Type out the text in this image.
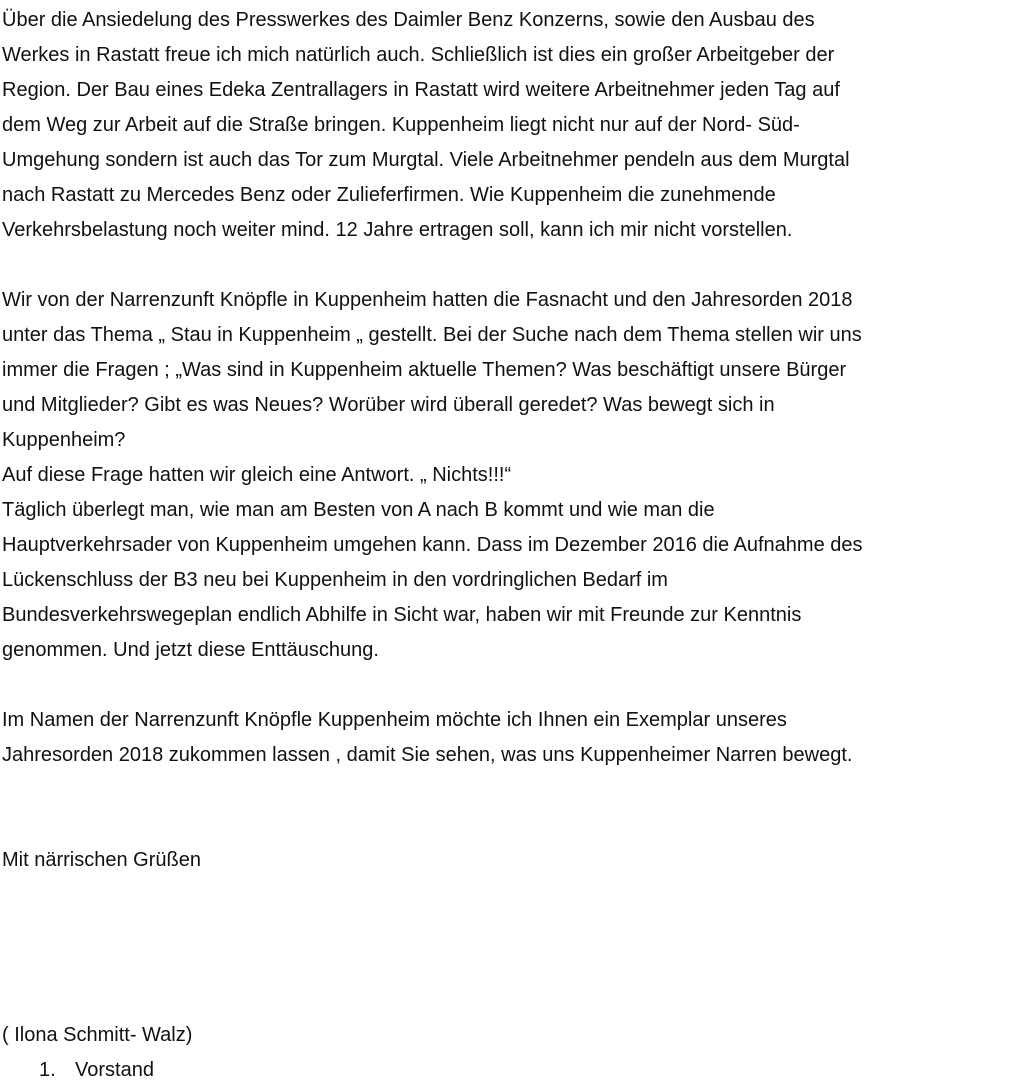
Über die Ansiedelung des Presswerkes des Daimler Benz Konzerns, sowie den Ausbau des
Werkes in Rastatt freue ich mich natürlich auch. Schließlich ist dies ein großer Arbeitgeber der
Region. Der Bau eines Edeka Zentrallagers in Rastatt wird weitere Arbeitnehmer jeden Tag auf
dem Weg zur Arbeit auf die Straße bringen. Kuppenheim liegt nicht nur auf der Nord- Süd-
Umgehung sondern ist auch das Tor zum Murgtal. Viele Arbeitnehmer pendeln aus dem Murgtal
nach Rastatt zu Mercedes Benz oder Zulieferfirmen. Wie Kuppenheim die zunehmende
Verkehrsbelastung noch weiter mind. 12 Jahre ertragen soll, kann ich mir nicht vorstellen.
Wir von der Narrenzunft Knöpfle in Kuppenheim hatten die Fasnacht und den Jahresorden 2018
unter das Thema „ Stau in Kuppenheim „ gestellt. Bei der Suche nach dem Thema stellen wir uns
immer die Fragen ; „Was sind in Kuppenheim aktuelle Themen? Was beschäftigt unsere Bürger
und Mitglieder? Gibt es was Neues? Worüber wird überall geredet? Was bewegt sich in
Kuppenheim?
Auf diese Frage hatten wir gleich eine Antwort. „ Nichts!!!“
Täglich überlegt man, wie man am Besten von A nach B kommt und wie man die
Hauptverkehrsader von Kuppenheim umgehen kann. Dass im Dezember 2016 die Aufnahme des
Lückenschluss der B3 neu bei Kuppenheim in den vordringlichen Bedarf im
Bundesverkehrswegeplan endlich Abhilfe in Sicht war, haben wir mit Freunde zur Kenntnis
genommen. Und jetzt diese Enttäuschung.
Im Namen der Narrenzunft Knöpfle Kuppenheim möchte ich Ihnen ein Exemplar unseres
Jahresorden 2018 zukommen lassen , damit Sie sehen, was uns Kuppenheimer Narren bewegt.
Mit närrischen Grüßen
( Ilona Schmitt- Walz)
1. Vorstand
